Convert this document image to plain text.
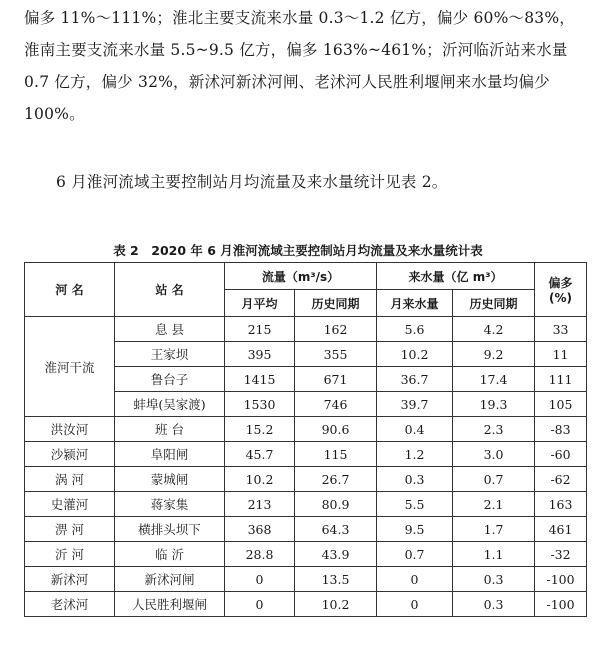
偏多 11%～111%；淮北主要支流来水量 0.3～1.2 亿方，偏少 60%～83%，淮南主要支流来水量 5.5~9.5 亿方，偏多 163%~461%；沂河临沂站来水量 0.7 亿方，偏少 32%，新沭河新沭河闸、老沭河人民胜利堰闸来水量均偏少 100%。

6 月淮河流域主要控制站月均流量及来水量统计见表 2。

表 2　2020 年 6 月淮河流域主要控制站月均流量及来水量统计表
河 名	站 名	流量（m³/s）		来水量（亿 m³）		偏多 (%)
		月平均	历史同期	月来水量	历史同期	
淮河干流	息 县	215	162	5.6	4.2	33
	王家坝	395	355	10.2	9.2	11
	鲁台子	1415	671	36.7	17.4	111
	蚌埠(吴家渡)	1530	746	39.7	19.3	105
洪汝河	班 台	15.2	90.6	0.4	2.3	-83
沙颍河	阜阳闸	45.7	115	1.2	3.0	-60
涡 河	蒙城闸	10.2	26.7	0.3	0.7	-62
史灌河	蒋家集	213	80.9	5.5	2.1	163
淠 河	横排头坝下	368	64.3	9.5	1.7	461
沂 河	临 沂	28.8	43.9	0.7	1.1	-32
新沭河	新沭河闸	0	13.5	0	0.3	-100
老沭河	人民胜利堰闸	0	10.2	0	0.3	-100
